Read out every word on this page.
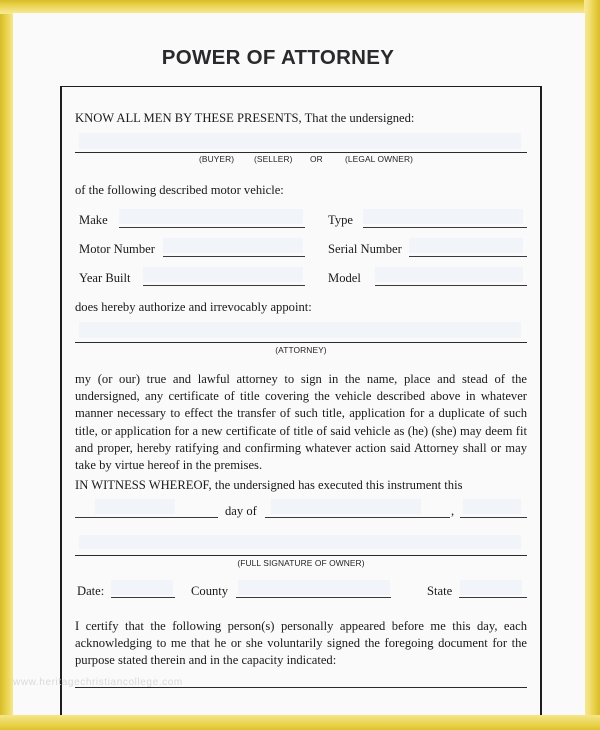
POWER OF ATTORNEY
KNOW ALL MEN BY THESE PRESENTS, That the undersigned:
(BUYER) (SELLER) OR	(LEGAL OWNER)
of the following described motor vehicle:
Make	Type
Motor Number	Serial Number
Year Built	Model
does hereby authorize and irrevocably appoint:
(ATTORNEY)
my (or our) true and lawful attorney to sign in the name, place and stead of the undersigned, any certificate of title covering the vehicle described above in whatever manner necessary to effect the transfer of such title, application for a duplicate of such title, or application for a new certificate of title of said vehicle as (he) (she) may deem fit and proper, hereby ratifying and confirming whatever action said Attorney shall or may take by virtue hereof in the premises.
IN WITNESS WHEREOF, the undersigned has executed this instrument this
day of	,
(FULL SIGNATURE OF OWNER)
Date:	County	State
I certify that the following person(s) personally appeared before me this day, each acknowledging to me that he or she voluntarily signed the foregoing document for the purpose stated therein and in the capacity indicated:
www.heritagechristiancollege.com
